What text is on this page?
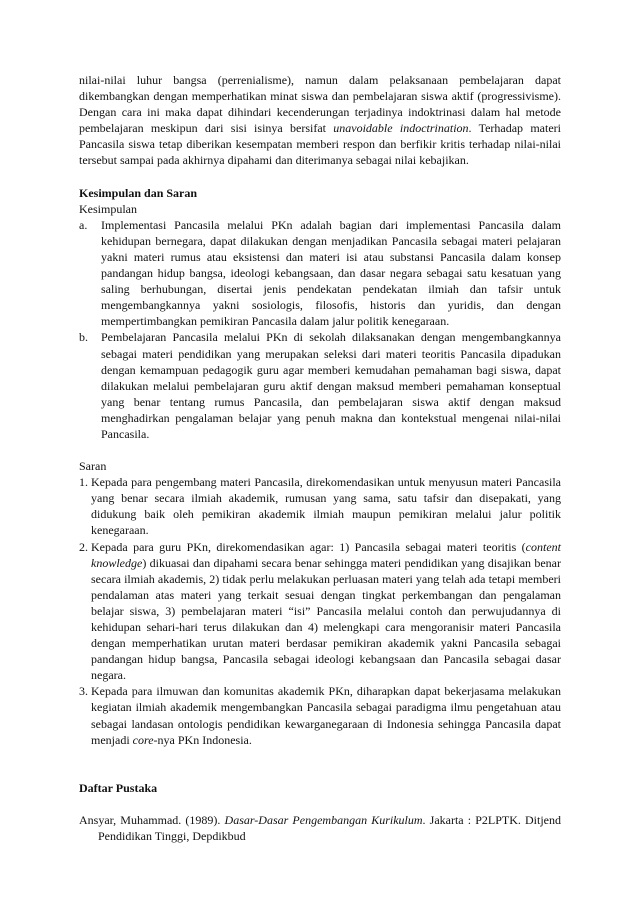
nilai-nilai luhur bangsa (perrenialisme), namun dalam pelaksanaan pembelajaran dapat dikembangkan dengan memperhatikan minat siswa dan pembelajaran siswa aktif (progressivisme). Dengan cara ini maka dapat dihindari kecenderungan terjadinya indoktrinasi dalam hal metode pembelajaran meskipun dari sisi isinya bersifat unavoidable indoctrination. Terhadap materi Pancasila siswa tetap diberikan kesempatan memberi respon dan berfikir kritis terhadap nilai-nilai tersebut sampai pada akhirnya dipahami dan diterimanya sebagai nilai kebajikan.

Kesimpulan dan Saran

Kesimpulan

a. Implementasi Pancasila melalui PKn adalah bagian dari implementasi Pancasila dalam kehidupan bernegara, dapat dilakukan dengan menjadikan Pancasila sebagai materi pelajaran yakni materi rumus atau eksistensi dan materi isi atau substansi Pancasila dalam konsep pandangan hidup bangsa, ideologi kebangsaan, dan dasar negara sebagai satu kesatuan yang saling berhubungan, disertai jenis pendekatan pendekatan ilmiah dan tafsir untuk mengembangkannya yakni sosiologis, filosofis, historis dan yuridis, dan dengan mempertimbangkan pemikiran Pancasila dalam jalur politik kenegaraan.
b. Pembelajaran Pancasila melalui PKn di sekolah dilaksanakan dengan mengembangkannya sebagai materi pendidikan yang merupakan seleksi dari materi teoritis Pancasila dipadukan dengan kemampuan pedagogik guru agar memberi kemudahan pemahaman bagi siswa, dapat dilakukan melalui pembelajaran guru aktif dengan maksud memberi pemahaman konseptual yang benar tentang rumus Pancasila, dan pembelajaran siswa aktif dengan maksud menghadirkan pengalaman belajar yang penuh makna dan kontekstual mengenai nilai-nilai Pancasila.

Saran

1. Kepada para pengembang materi Pancasila, direkomendasikan untuk menyusun materi Pancasila yang benar secara ilmiah akademik, rumusan yang sama, satu tafsir dan disepakati, yang didukung baik oleh pemikiran akademik ilmiah maupun pemikiran melalui jalur politik kenegaraan.
2. Kepada para guru PKn, direkomendasikan agar: 1) Pancasila sebagai materi teoritis (content knowledge) dikuasai dan dipahami secara benar sehingga materi pendidikan yang disajikan benar secara ilmiah akademis, 2) tidak perlu melakukan perluasan materi yang telah ada tetapi memberi pendalaman atas materi yang terkait sesuai dengan tingkat perkembangan dan pengalaman belajar siswa, 3) pembelajaran materi “isi” Pancasila melalui contoh dan perwujudannya di kehidupan sehari-hari terus dilakukan dan 4) melengkapi cara mengoranisir materi Pancasila dengan memperhatikan urutan materi berdasar pemikiran akademik yakni Pancasila sebagai pandangan hidup bangsa, Pancasila sebagai ideologi kebangsaan dan Pancasila sebagai dasar negara.
3. Kepada para ilmuwan dan komunitas akademik PKn, diharapkan dapat bekerjasama melakukan kegiatan ilmiah akademik mengembangkan Pancasila sebagai paradigma ilmu pengetahuan atau sebagai landasan ontologis pendidikan kewarganegaraan di Indonesia sehingga Pancasila dapat menjadi core-nya PKn Indonesia.

Daftar Pustaka

Ansyar, Muhammad. (1989). Dasar-Dasar Pengembangan Kurikulum. Jakarta : P2LPTK. Ditjend Pendidikan Tinggi, Depdikbud
